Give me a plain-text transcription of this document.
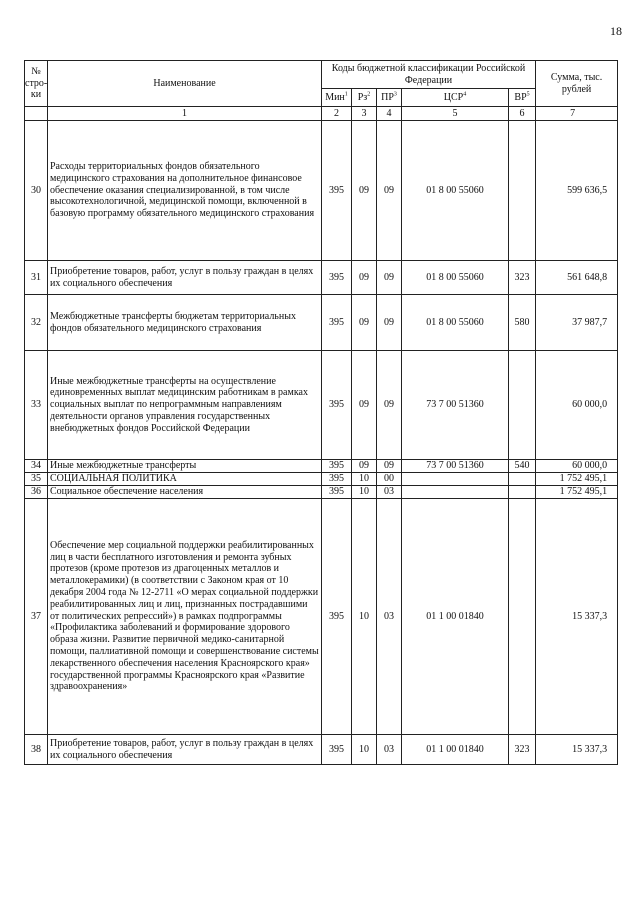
18
№ стро-ки	Наименование	Коды бюджетной классификации Российской Федерации					Сумма, тыс. рублей
		Мин$^1$	$Рз^2$	$ПР^3$	ЦСР$^4$	$ВР^5$
	1	2	3	4	5	6	7
30	Расходы территориальных фондов обязательного медицинского страхования на дополнительное финансовое обеспечение оказания специализированной, в том числе высокотехнологичной, медицинской помощи, включенной в базовую программу обязательного медицинского страхования	395	09	09	01 8 00 55060		599 636,5
31	Приобретение товаров, работ, услуг в пользу граждан в целях их социального обеспечения	395	09	09	01 8 00 55060	323	561 648,8
32	Межбюджетные трансферты бюджетам территориальных фондов обязательного медицинского страхования	395	09	09	01 8 00 55060	580	37 987,7
33	Иные межбюджетные трансферты на осуществление единовременных выплат медицинским работникам в рамках социальных выплат по непрограммным направлениям деятельности органов управления государственных внебюджетных фондов Российской Федерации	395	09	09	73 7 00 51360		60 000,0
34	Иные межбюджетные трансферты	395	09	09	73 7 00 51360	540	60 000,0
35	СОЦИАЛЬНАЯ ПОЛИТИКА	395	10	00			1 752 495,1
36	Социальное обеспечение населения	395	10	03			1 752 495,1
37	Обеспечение мер социальной поддержки реабилитированных лиц в части бесплатного изготовления и ремонта зубных протезов (кроме протезов из драгоценных металлов и металлокерамики) (в соответствии с Законом края от 10 декабря 2004 года № 12-2711 «О мерах социальной поддержки реабилитированных лиц и лиц, признанных пострадавшими от политических репрессий») в рамках подпрограммы «Профилактика заболеваний и формирование здорового образа жизни. Развитие первичной медико-санитарной помощи, паллиативной помощи и совершенствование системы лекарственного обеспечения населения Красноярского края» государственной программы Красноярского края «Развитие здравоохранения»	395	10	03	01 1 00 01840		15 337,3
38	Приобретение товаров, работ, услуг в пользу граждан в целях их социального обеспечения	395	10	03	01 1 00 01840	323	15 337,3
